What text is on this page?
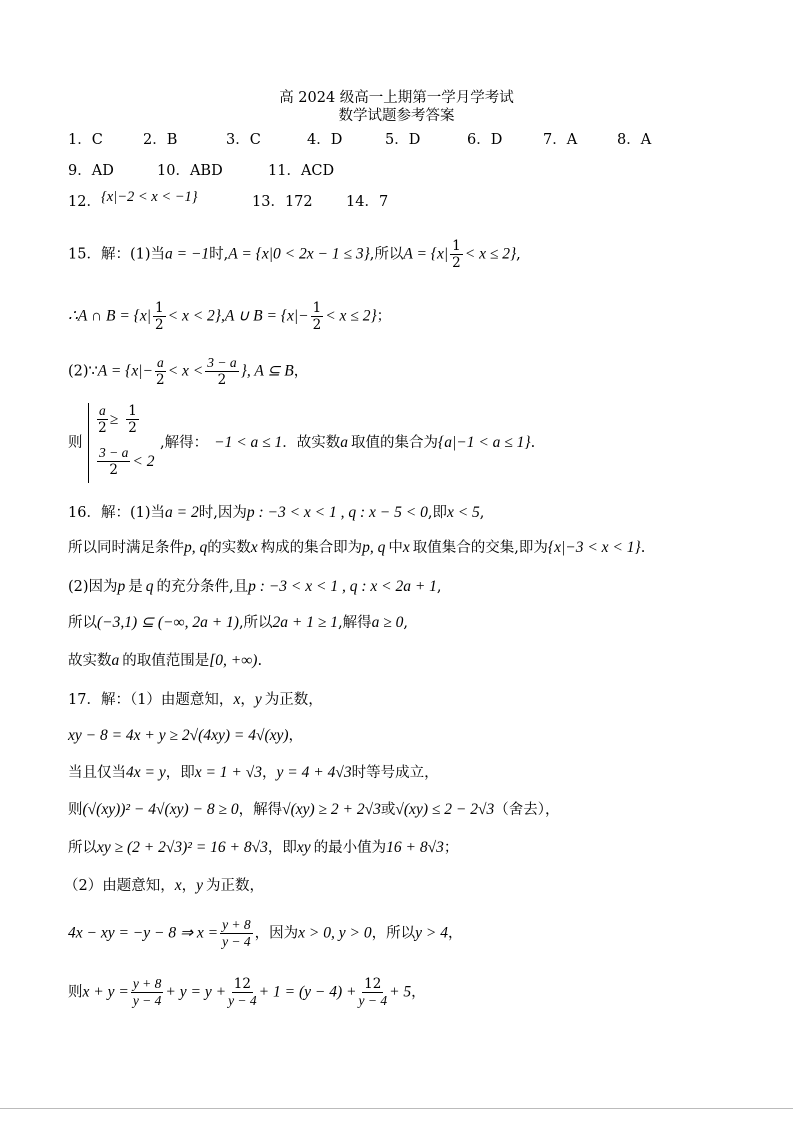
高 2024 级高一上期第一学月学考试
数学试题参考答案
1．C	2．B	3．C	4．D	5．D	6．D	7．A	8．A
9．AD	10．ABD	11．ACD
12． {x|−2 < x < −1}	13．172 14．7
15．解：(1)当a = −1时,A = {x|0 < 2x − 1 ≤ 3},所以$A = \{x| \frac{1}{2} < x \le 2\}$,
∴A ∩ $B = \{x| \frac{1}{2} < x < 2\},A$ ∪ $B = \{x|- \frac{1}{2} < x \le 2\}$；
(2)∵A = {$x|- \frac{a}{2} < x < \frac{3 - a}{2}$ }, A ⊆ B，
则
$\frac{a}{2} \ge \frac{1}{2}$
$\frac{3 - a}{2} < 2$
,解得： −1 < a ≤ 1．故实数a 取值的集合为{a|−1 < a ≤ 1}.
16．解：(1)当a = 2时,因为p : −3 < x < 1 , q : x − 5 < 0,即x < 5,
所以同时满足条件p, q的实数x 构成的集合即为p, q 中x 取值集合的交集,即为{x|−3 < x < 1}.
(2)因为p 是 q 的充分条件,且p : −3 < x < 1 , q : x < 2a + 1,
所以(−3,1) ⊆ (−∞, 2a + 1),所以2a + 1 ≥ 1,解得a ≥ 0,
故实数a 的取值范围是[0, +∞).
17．解：（1）由题意知，x，y 为正数，
xy − 8 = 4x + y ≥ 2√(4xy) = 4√(xy)，
当且仅当4x = y，即x = 1 + √3，y = 4 + 4√3时等号成立，
则(√(xy))² − 4√(xy) − 8 ≥ 0，解得√(xy) ≥ 2 + 2√3或√(xy) ≤ 2 − 2√3（舍去），
所以xy ≥ (2 + 2√3)² = 16 + 8√3，即xy 的最小值为16 + 8√3；
（2）由题意知，x，y 为正数，
4x − xy = −y − 8 ⇒ $x = \frac{y + 8}{y - 4}$ ，因为x > 0, y > 0，所以y > 4，
则$x + y = \frac{y + 8}{y - 4} + y = y + \frac{12}{y - 4} + 1 = (y - 4) + \frac{12}{y - 4} + 5$，
